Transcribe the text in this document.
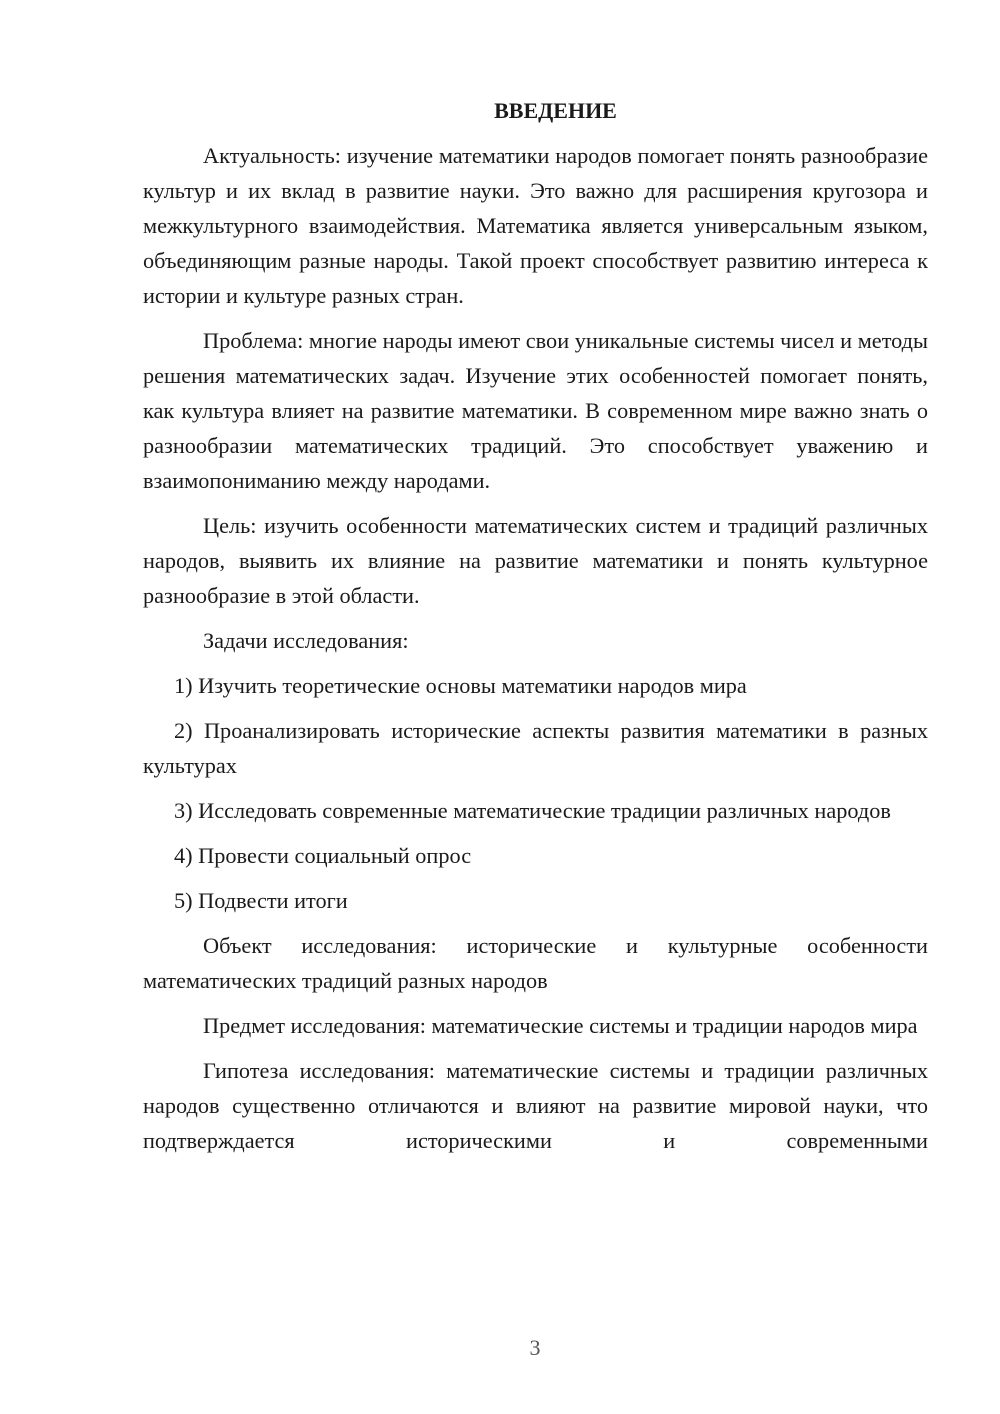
ВВЕДЕНИЕ
Актуальность: изучение математики народов помогает понять разнообразие культур и их вклад в развитие науки. Это важно для расширения кругозора и межкультурного взаимодействия. Математика является универсальным языком, объединяющим разные народы. Такой проект способствует развитию интереса к истории и культуре разных стран.
Проблема: многие народы имеют свои уникальные системы чисел и методы решения математических задач. Изучение этих особенностей помогает понять, как культура влияет на развитие математики. В современном мире важно знать о разнообразии математических традиций. Это способствует уважению и взаимопониманию между народами.
Цель: изучить особенности математических систем и традиций различных народов, выявить их влияние на развитие математики и понять культурное разнообразие в этой области.
Задачи исследования:
1) Изучить теоретические основы математики народов мира
2) Проанализировать исторические аспекты развития математики в разных культурах
3) Исследовать современные математические традиции различных народов
4) Провести социальный опрос
5) Подвести итоги
Объект исследования: исторические и культурные особенности математических традиций разных народов
Предмет исследования: математические системы и традиции народов мира
Гипотеза исследования: математические системы и традиции различных народов существенно отличаются и влияют на развитие мировой науки, что подтверждается историческими и современными
3
